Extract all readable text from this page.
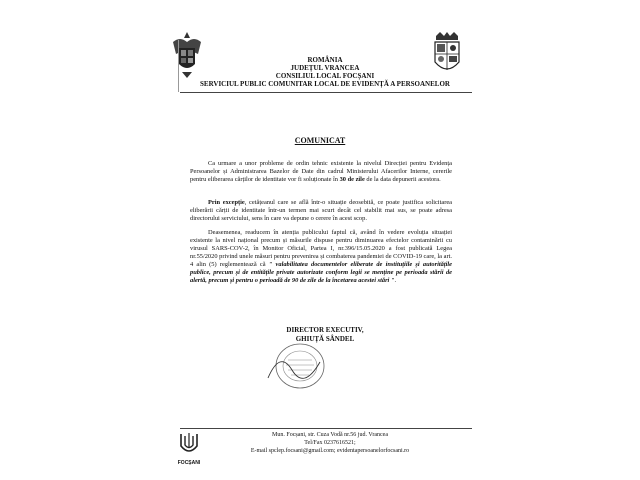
ROMÂNIA
JUDEȚUL VRANCEA
CONSILIUL LOCAL FOCȘANI
SERVICIUL PUBLIC COMUNITAR LOCAL DE EVIDENȚĂ A PERSOANELOR
COMUNICAT
Ca urmare a unor probleme de ordin tehnic existente la nivelul Direcției pentru Evidența Persoanelor și Administrarea Bazelor de Date din cadrul Ministerului Afacerilor Interne, cererile pentru eliberarea cărților de identitate vor fi soluționate în 30 de zile de la data depunerii acestora.
Prin excepție, cetățeanul care se află într-o situație deosebită, ce poate justifica solicitarea eliberării cărții de identitate într-un termen mai scurt decât cel stabilit mai sus, se poate adresa directorului serviciului, sens în care va depune o cerere în acest scop.
Deasemenea, readucem în atenția publicului faptul că, având în vedere evoluția situației existente la nivel național precum și măsurile dispuse pentru diminuarea efectelor contaminării cu virusul SARS-COV-2, în Monitor Oficial, Partea I, nr.396/15.05.2020 a fost publicată Legea nr.55/2020 privind unele măsuri pentru prevenirea și combaterea pandemiei de COVID-19 care, la art. 4 alin (5) reglementează că " valabilitatea documentelor eliberate de instituțiile și autoritățile publice, precum și de entitățile private autorizate conform legii se menține pe perioada stării de alertă, precum și pentru o perioadă de 90 de zile de la încetarea acestei stări ".
DIRECTOR EXECUTIV,
GHIUȚĂ SÂNDEL
FOCȘANI
Mun. Focșani, str. Cuza Vodă nr.56 jud. Vrancea
Tel/Fax 0237616521;
E-mail spclep.focsani@gmail.com; evidentapersoanelorfocsani.ro
